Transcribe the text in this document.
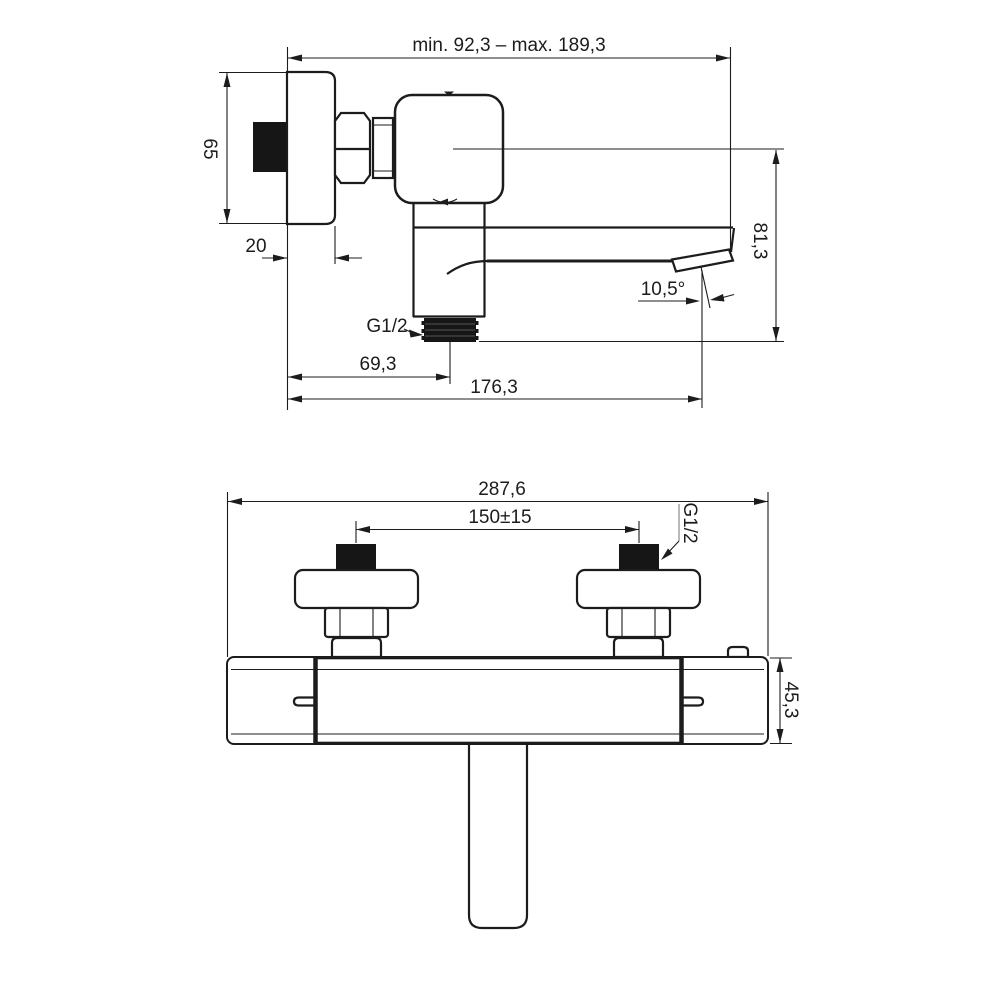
min. 92,3 – max. 189,3
65
20
10,5°
G1/2
81,3
69,3
176,3
287,6
150±15	G1/2
45,3
